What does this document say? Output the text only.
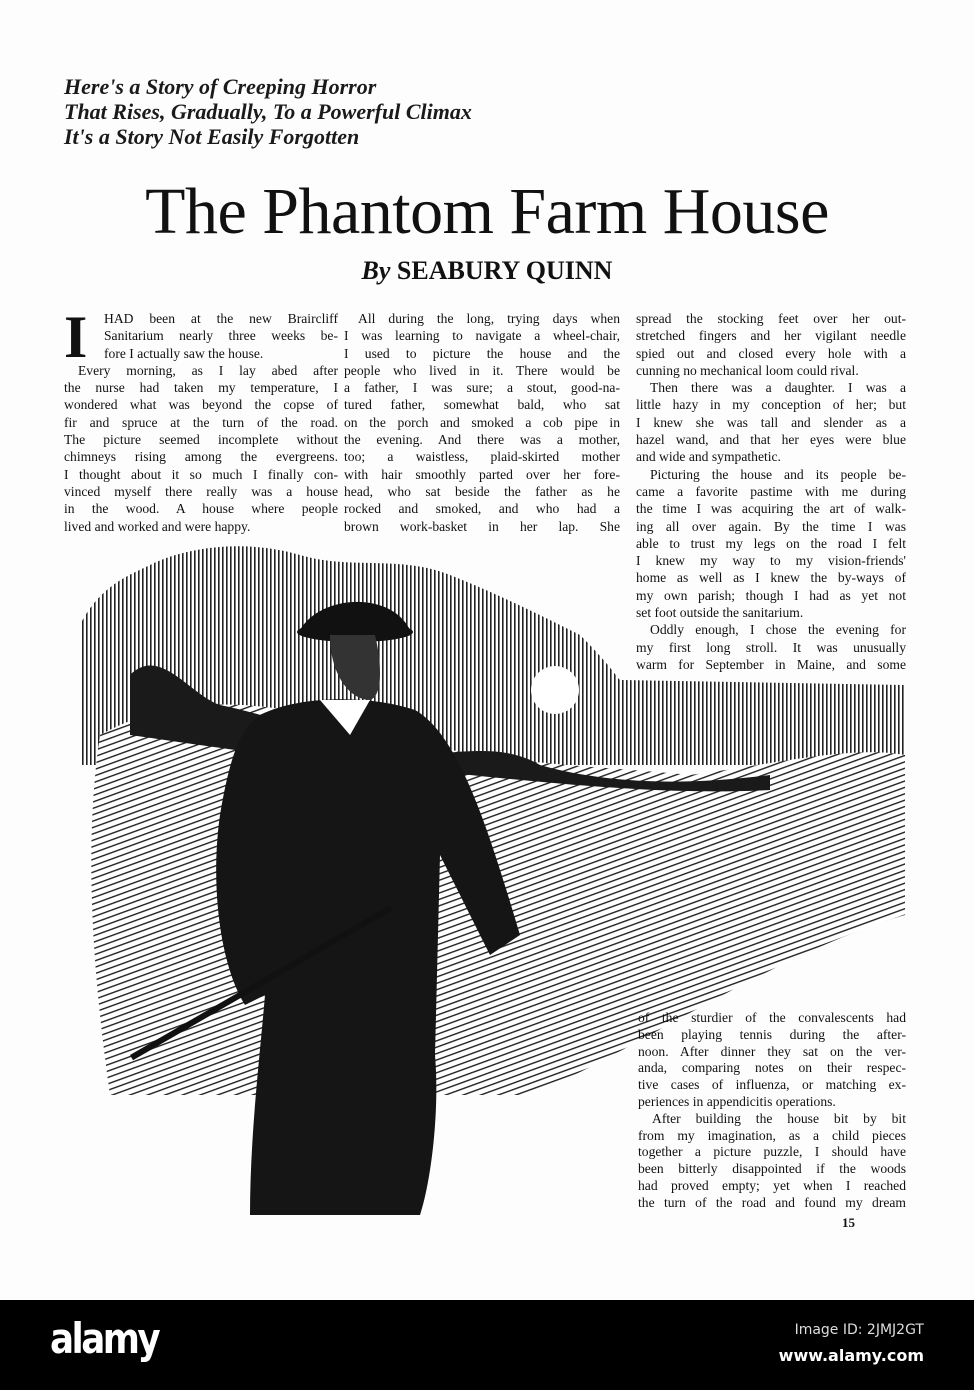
Here's a Story of Creeping Horror
That Rises, Gradually, To a Powerful Climax
It's a Story Not Easily Forgotten
The Phantom Farm House
By SEABURY QUINN
I	HAD been at the new Braircliff
Sanitarium nearly three weeks be-
fore I actually saw the house.
Every morning, as I lay abed after
the nurse had taken my temperature, I
wondered what was beyond the copse of
fir and spruce at the turn of the road.
The picture seemed incomplete without
chimneys rising among the evergreens.
I thought about it so much I finally con-
vinced myself there really was a house
in the wood. A house where people
lived and worked and were happy.
All during the long, trying days when
I was learning to navigate a wheel-chair,
I used to picture the house and the
people who lived in it. There would be
a father, I was sure; a stout, good-na-
tured father, somewhat bald, who sat
on the porch and smoked a cob pipe in
the evening. And there was a mother,
too; a waistless, plaid-skirted mother
with hair smoothly parted over her fore-
head, who sat beside the father as he
rocked and smoked, and who had a
brown work-basket in her lap. She
spread the stocking feet over her out-
stretched fingers and her vigilant needle
spied out and closed every hole with a
cunning no mechanical loom could rival.
Then there was a daughter. I was a
little hazy in my conception of her; but
I knew she was tall and slender as a
hazel wand, and that her eyes were blue
and wide and sympathetic.
Picturing the house and its people be-
came a favorite pastime with me during
the time I was acquiring the art of walk-
ing all over again. By the time I was
able to trust my legs on the road I felt
I knew my way to my vision-friends'
home as well as I knew the by-ways of
my own parish; though I had as yet not
set foot outside the sanitarium.
Oddly enough, I chose the evening for
my first long stroll. It was unusually
warm for September in Maine, and some
of the sturdier of the convalescents had
been playing tennis during the after-
noon. After dinner they sat on the ver-
anda, comparing notes on their respec-
tive cases of influenza, or matching ex-
periences in appendicitis operations.
After building the house bit by bit
from my imagination, as a child pieces
together a picture puzzle, I should have
been bitterly disappointed if the woods
had proved empty; yet when I reached
the turn of the road and found my dream
15
alamy	Image ID: 2JMJ2GT
www.alamy.com
